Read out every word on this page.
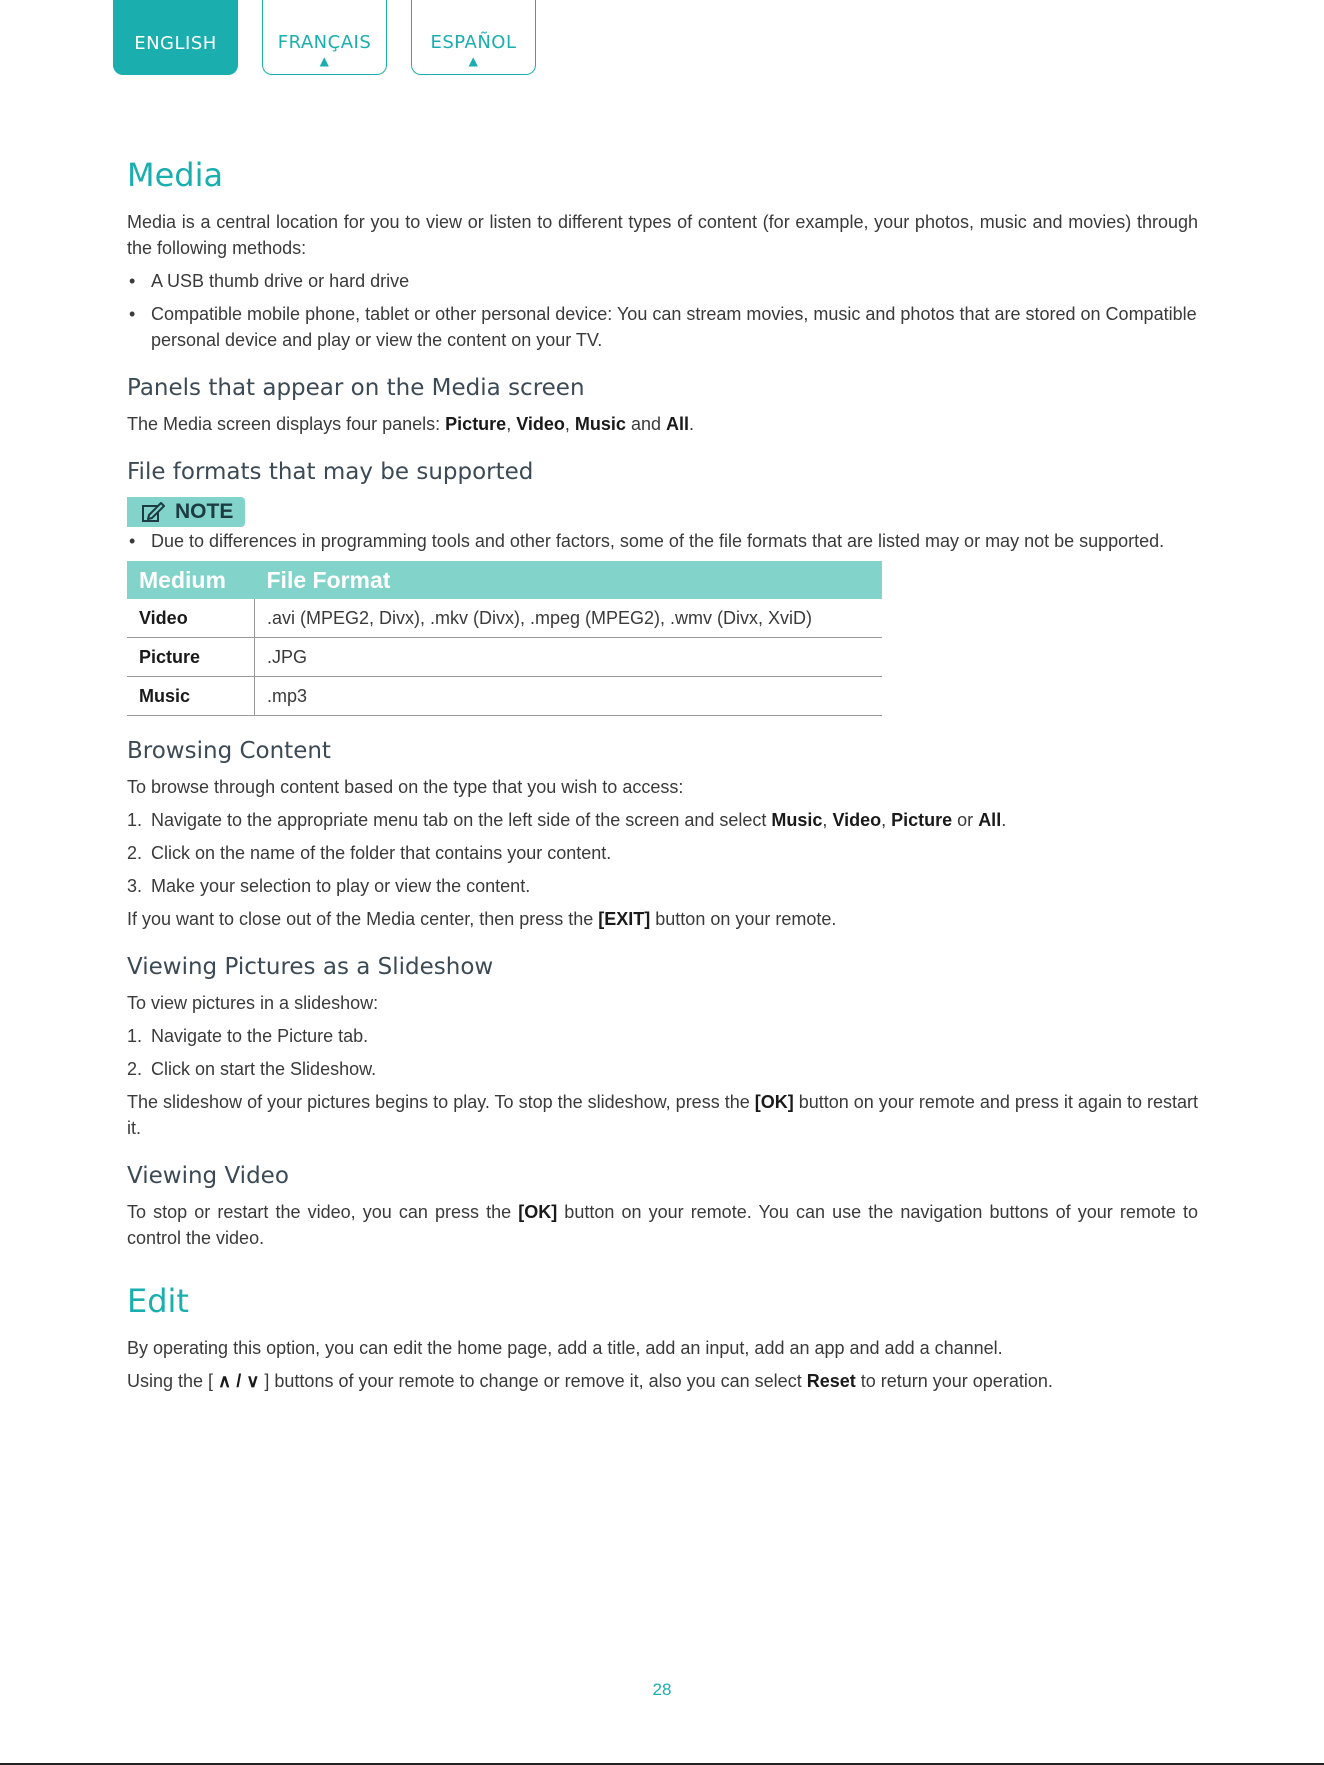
ENGLISH	FRANÇAIS
▲
ESPAÑOL
▲
Media

Media is a central location for you to view or listen to different types of content (for example, your photos, music and movies) through the following methods:

• A USB thumb drive or hard drive
• Compatible mobile phone, tablet or other personal device: You can stream movies, music and photos that are stored on Compatible personal device and play or view the content on your TV.
Panels that appear on the Media screen

The Media screen displays four panels: Picture, Video, Music and All.

File formats that may be supported
NOTE
• Due to differences in programming tools and other factors, some of the file formats that are listed may or may not be supported.
Medium	File Format
Video	.avi (MPEG2, Divx), .mkv (Divx), .mpeg (MPEG2), .wmv (Divx, XviD)
Picture	.JPG
Music	.mp3
Browsing Content

To browse through content based on the type that you wish to access:

1. Navigate to the appropriate menu tab on the left side of the screen and select Music, Video, Picture or All.
2. Click on the name of the folder that contains your content.
3. Make your selection to play or view the content.

If you want to close out of the Media center, then press the [EXIT] button on your remote.

Viewing Pictures as a Slideshow

To view pictures in a slideshow:

1. Navigate to the Picture tab.
2. Click on start the Slideshow.

The slideshow of your pictures begins to play. To stop the slideshow, press the [OK] button on your remote and press it again to restart it.

Viewing Video

To stop or restart the video, you can press the [OK] button on your remote. You can use the navigation buttons of your remote to control the video.

Edit

By operating this option, you can edit the home page, add a title, add an input, add an app and add a channel.

Using the [ ∧ / ∨ ] buttons of your remote to change or remove it, also you can select Reset to return your operation.

28
